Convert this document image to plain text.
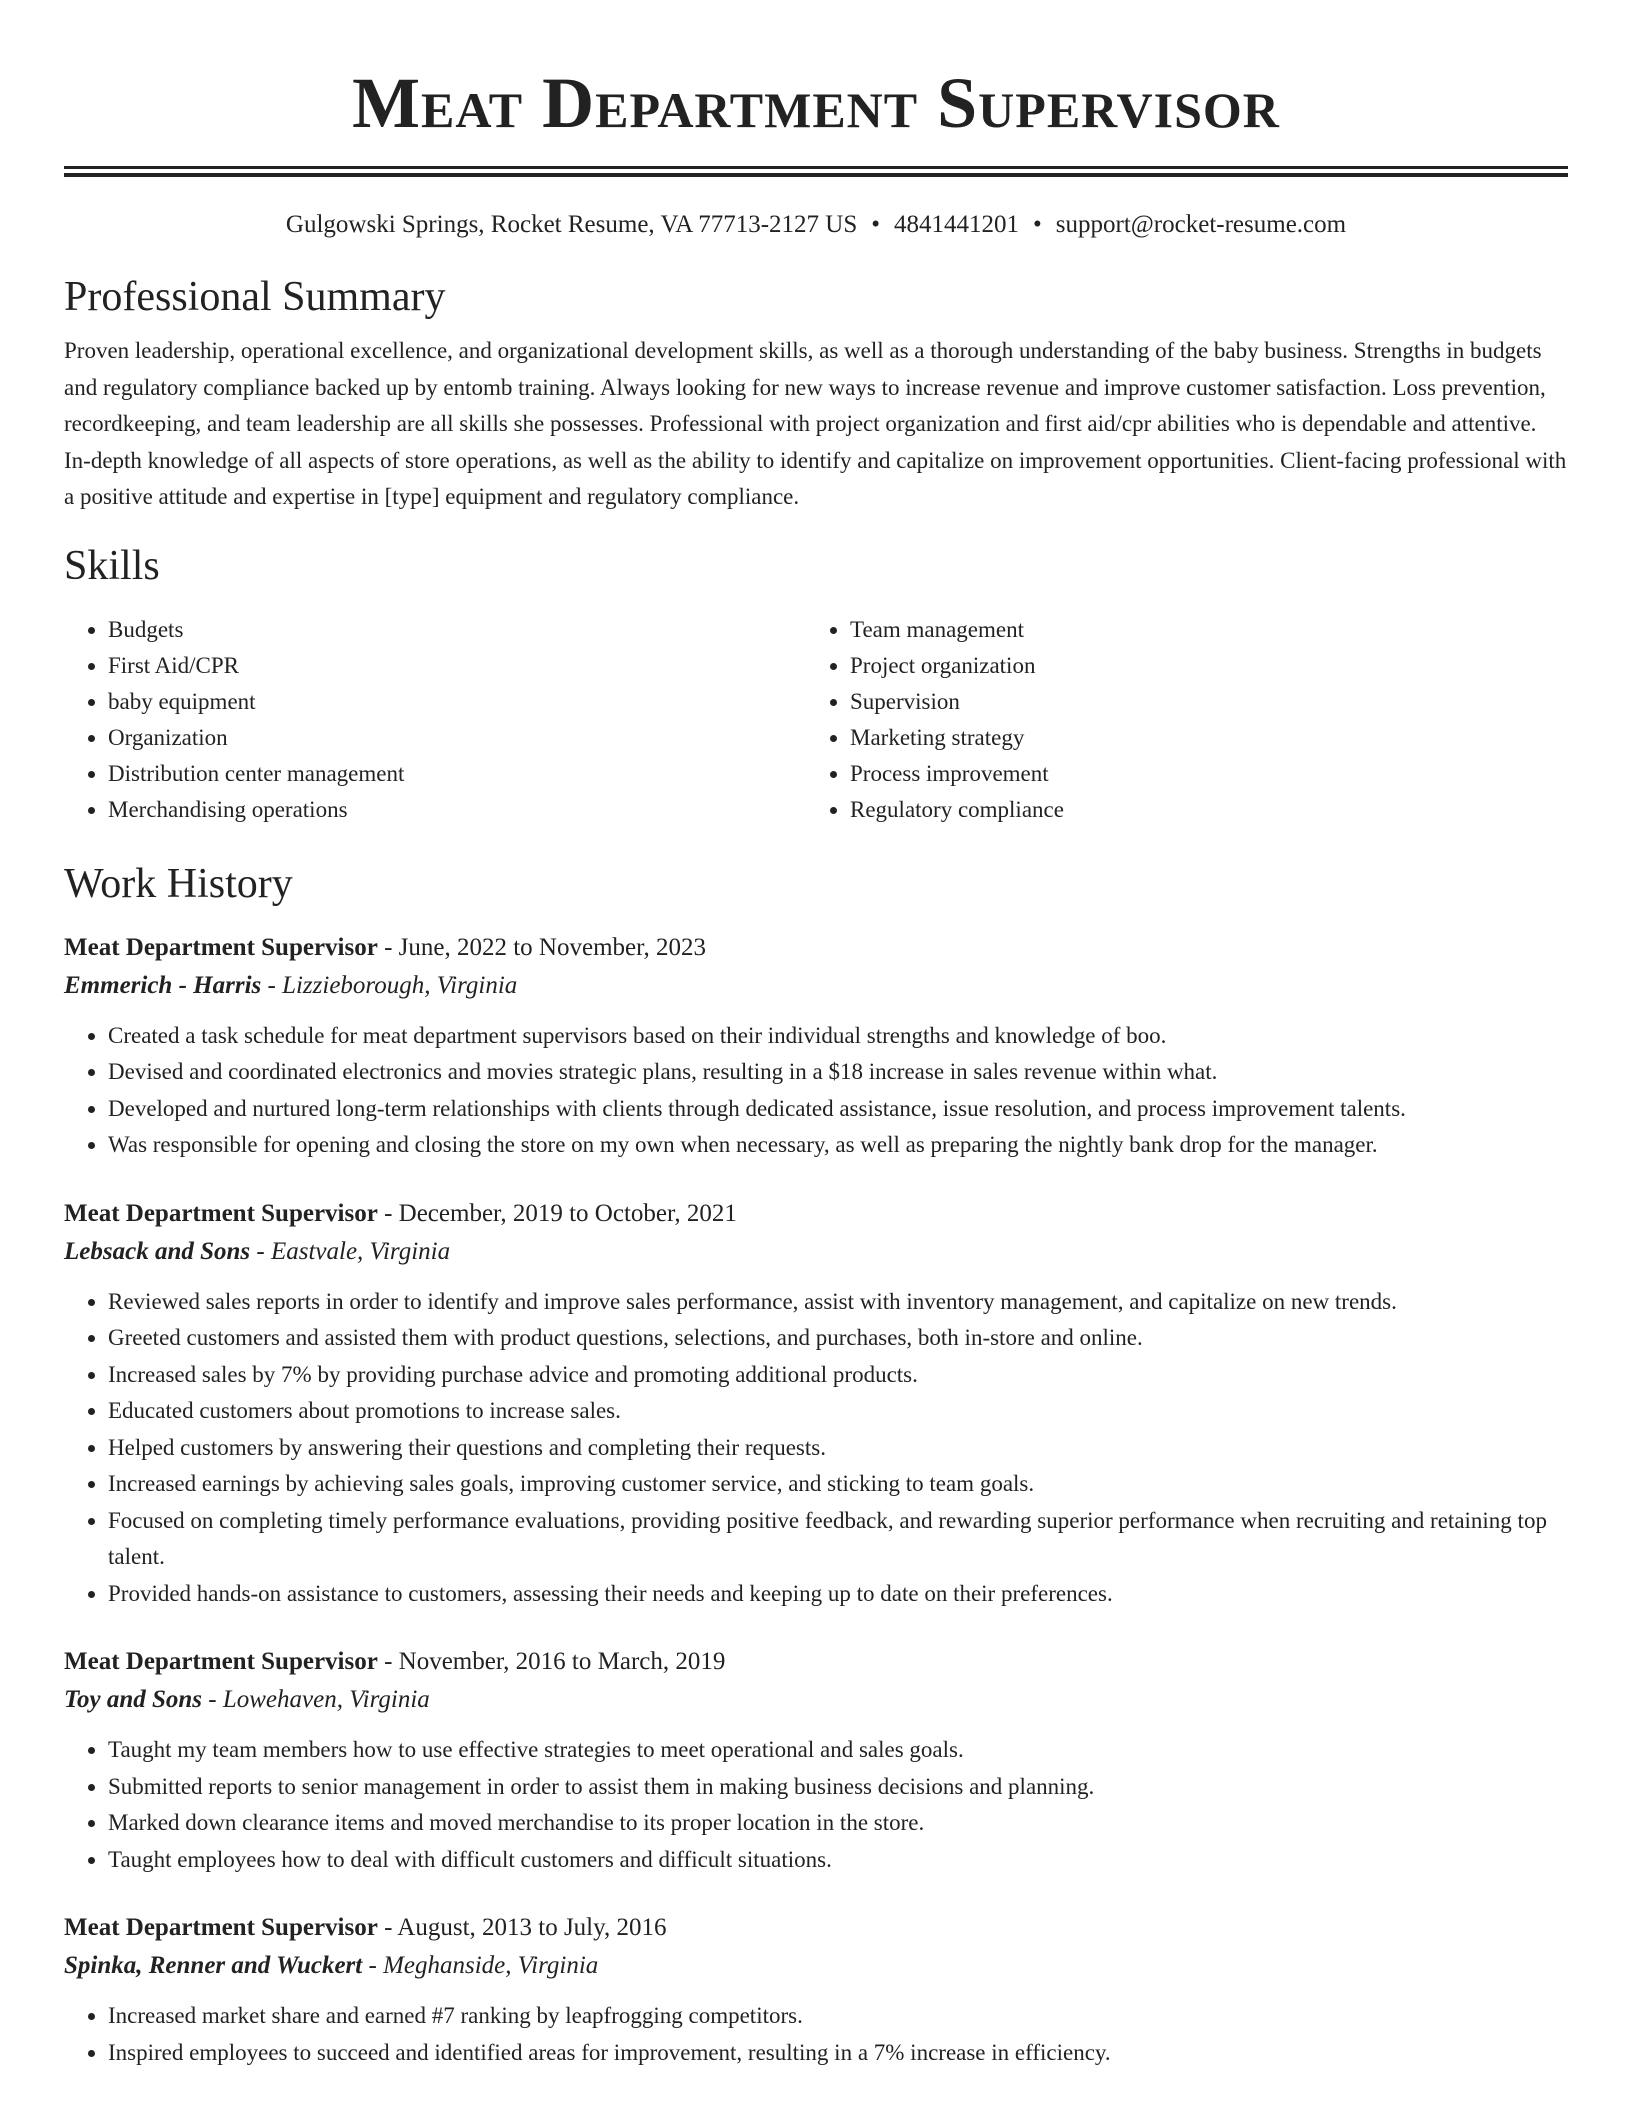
Meat Department Supervisor
Gulgowski Springs, Rocket Resume, VA 77713-2127 US • 4841441201 • support@rocket-resume.com
Professional Summary

Proven leadership, operational excellence, and organizational development skills, as well as a thorough understanding of the baby business. Strengths in budgets and regulatory compliance backed up by entomb training. Always looking for new ways to increase revenue and improve customer satisfaction. Loss prevention, recordkeeping, and team leadership are all skills she possesses. Professional with project organization and first aid/cpr abilities who is dependable and attentive. In-depth knowledge of all aspects of store operations, as well as the ability to identify and capitalize on improvement opportunities. Client-facing professional with a positive attitude and expertise in [type] equipment and regulatory compliance.

Skills
• Budgets
• First Aid/CPR
• baby equipment
• Organization
• Distribution center management
• Merchandising operations
• Team management
• Project organization
• Supervision
• Marketing strategy
• Process improvement
• Regulatory compliance
Work History

Meat Department Supervisor - June, 2022 to November, 2023

Emmerich - Harris - Lizzieborough, Virginia

• Created a task schedule for meat department supervisors based on their individual strengths and knowledge of boo.
• Devised and coordinated electronics and movies strategic plans, resulting in a $18 increase in sales revenue within what.
• Developed and nurtured long-term relationships with clients through dedicated assistance, issue resolution, and process improvement talents.
• Was responsible for opening and closing the store on my own when necessary, as well as preparing the nightly bank drop for the manager.

Meat Department Supervisor - December, 2019 to October, 2021

Lebsack and Sons - Eastvale, Virginia

• Reviewed sales reports in order to identify and improve sales performance, assist with inventory management, and capitalize on new trends.
• Greeted customers and assisted them with product questions, selections, and purchases, both in-store and online.
• Increased sales by 7% by providing purchase advice and promoting additional products.
• Educated customers about promotions to increase sales.
• Helped customers by answering their questions and completing their requests.
• Increased earnings by achieving sales goals, improving customer service, and sticking to team goals.
• Focused on completing timely performance evaluations, providing positive feedback, and rewarding superior performance when recruiting and retaining top talent.
• Provided hands-on assistance to customers, assessing their needs and keeping up to date on their preferences.

Meat Department Supervisor - November, 2016 to March, 2019

Toy and Sons - Lowehaven, Virginia

• Taught my team members how to use effective strategies to meet operational and sales goals.
• Submitted reports to senior management in order to assist them in making business decisions and planning.
• Marked down clearance items and moved merchandise to its proper location in the store.
• Taught employees how to deal with difficult customers and difficult situations.

Meat Department Supervisor - August, 2013 to July, 2016

Spinka, Renner and Wuckert - Meghanside, Virginia

• Increased market share and earned #7 ranking by leapfrogging competitors.
• Inspired employees to succeed and identified areas for improvement, resulting in a 7% increase in efficiency.
